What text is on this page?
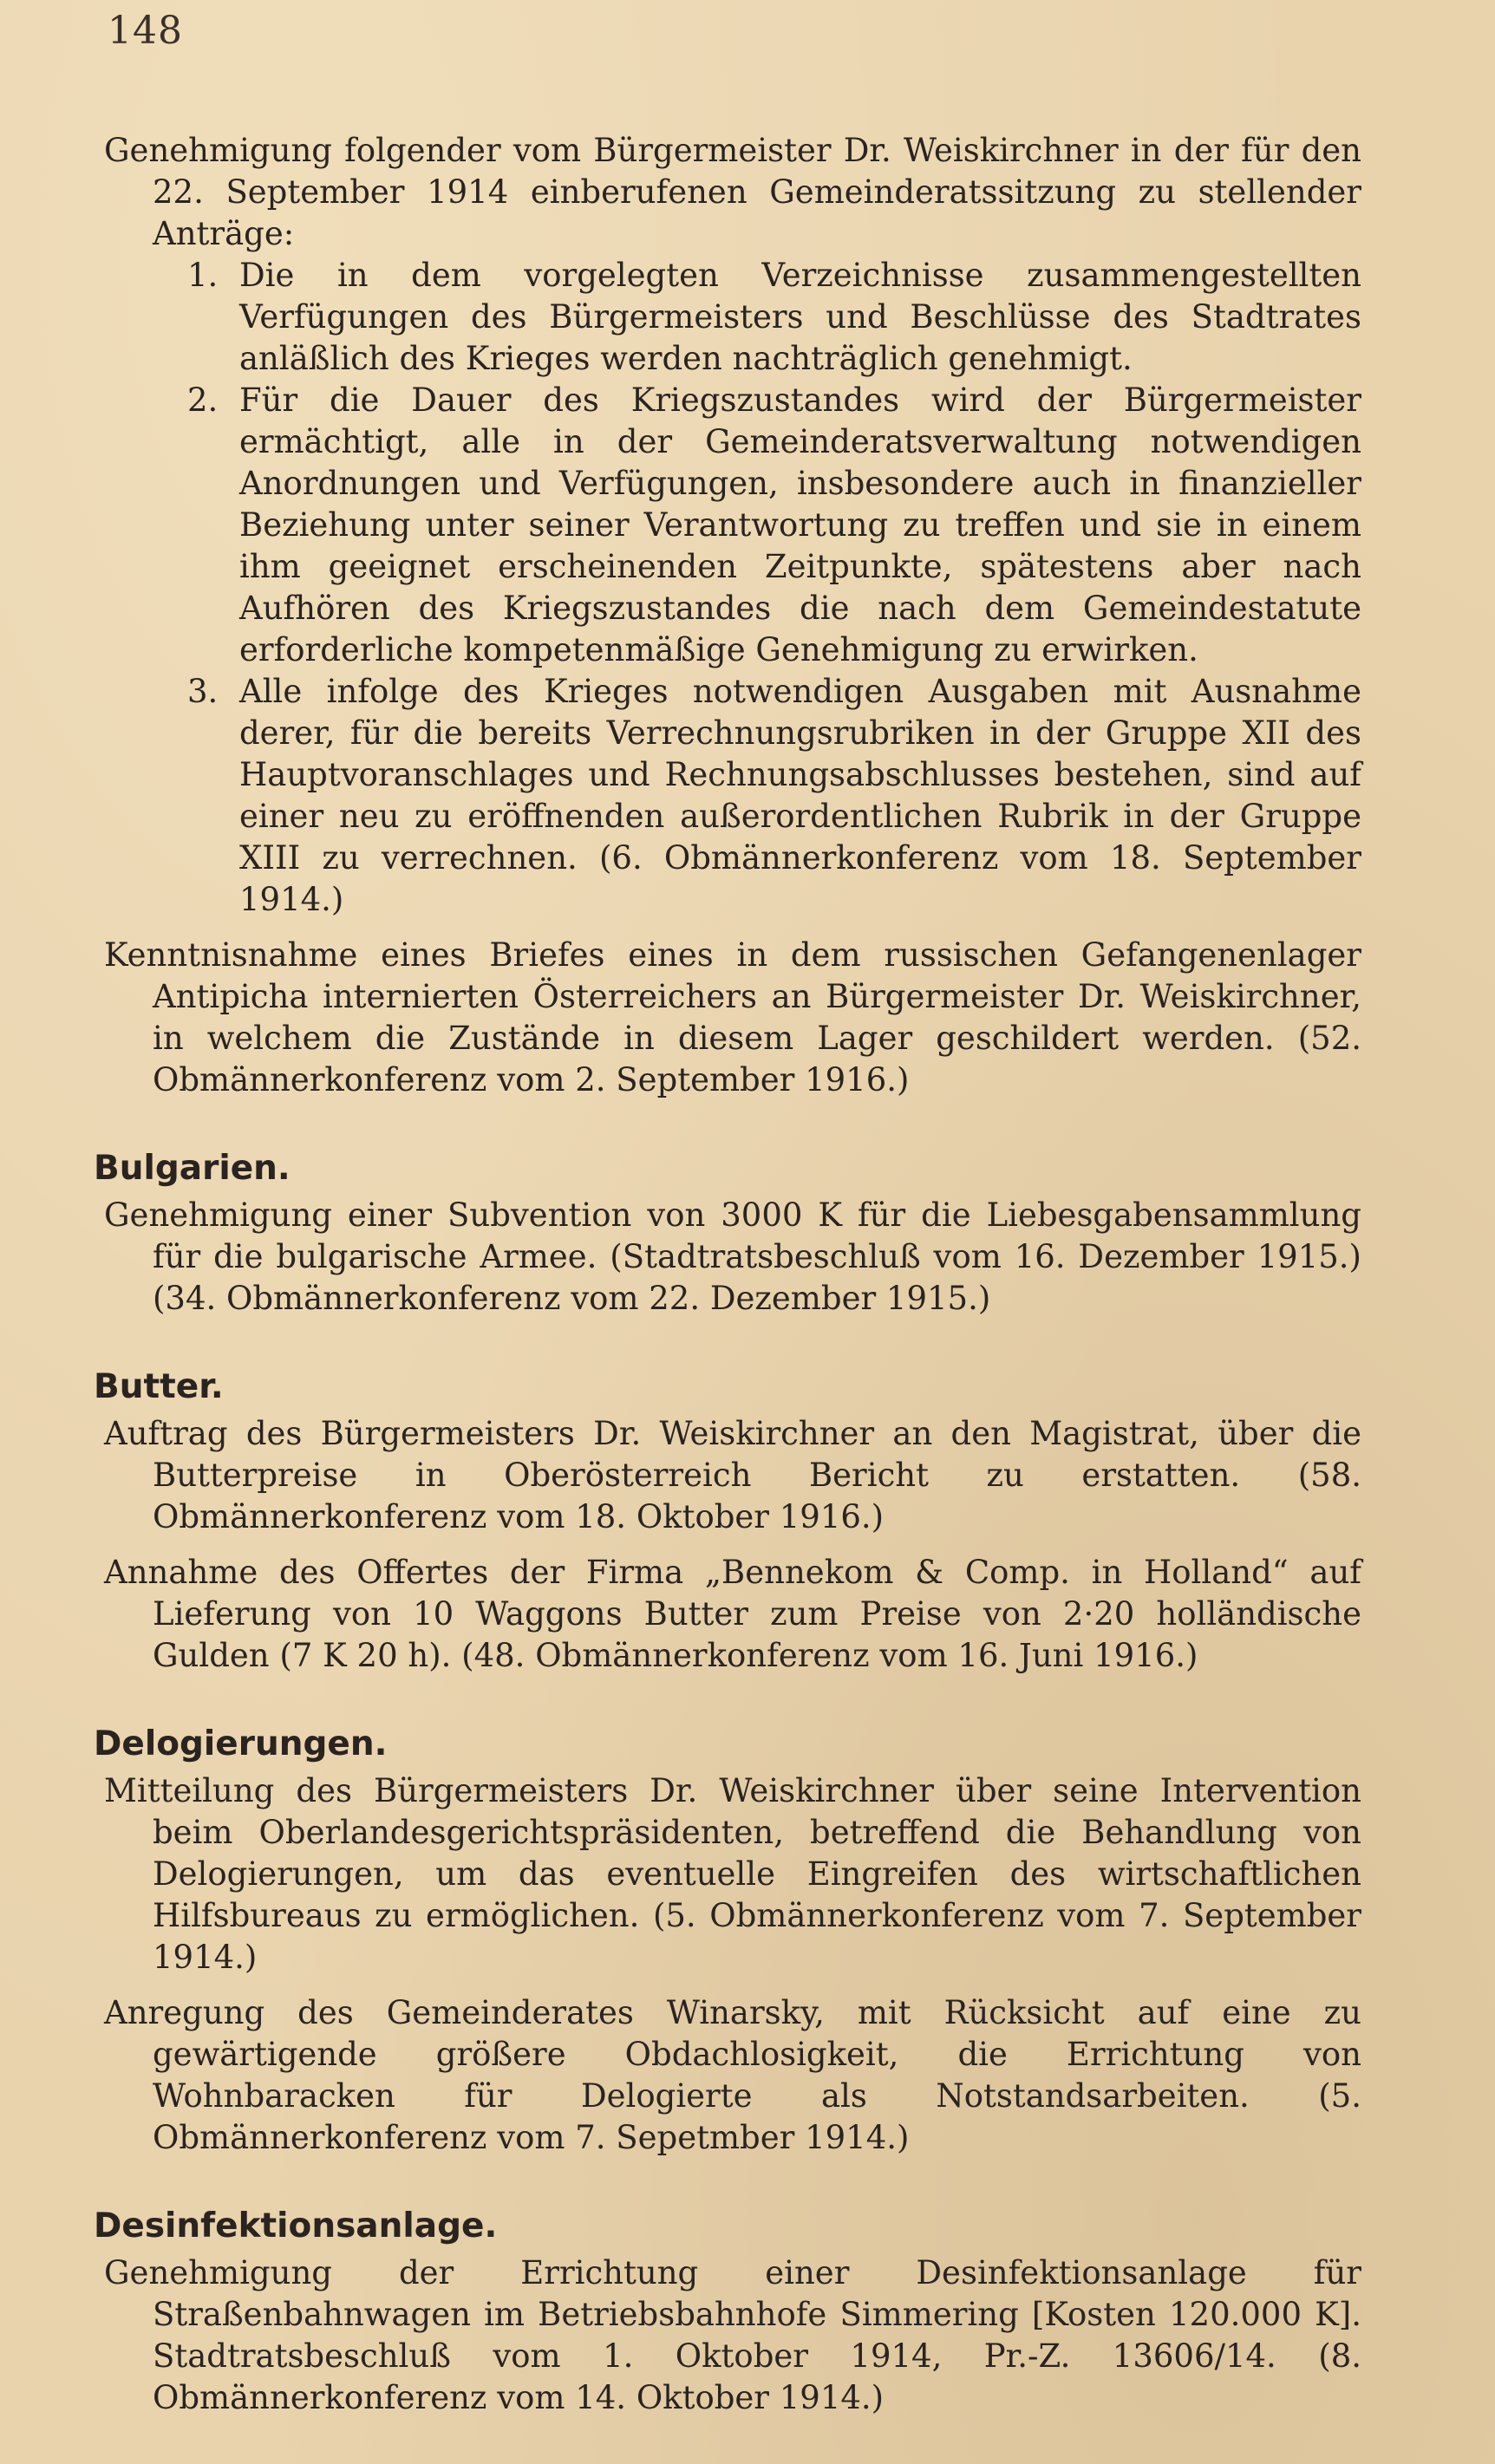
148

Genehmigung folgender vom Bürgermeister Dr. Weiskirchner in der für den 22. September 1914 einberufenen Gemeinderatssitzung zu stellender Anträge:

1. Die in dem vorgelegten Verzeichnisse zusammengestellten Verfügungen des Bürgermeisters und Beschlüsse des Stadtrates anläßlich des Krieges werden nachträglich genehmigt.

2. Für die Dauer des Kriegszustandes wird der Bürgermeister ermächtigt, alle in der Gemeinderatsverwaltung notwendigen Anordnungen und Verfügungen, insbesondere auch in finanzieller Beziehung unter seiner Verantwortung zu treffen und sie in einem ihm geeignet erscheinenden Zeitpunkte, spätestens aber nach Aufhören des Kriegszustandes die nach dem Gemeindestatute erforderliche kompetenmäßige Genehmigung zu erwirken.

3. Alle infolge des Krieges notwendigen Ausgaben mit Ausnahme derer, für die bereits Verrechnungsrubriken in der Gruppe XII des Hauptvoranschlages und Rechnungsabschlusses bestehen, sind auf einer neu zu eröffnenden außerordentlichen Rubrik in der Gruppe XIII zu verrechnen. (6. Obmännerkonferenz vom 18. September 1914.)

Kenntnisnahme eines Briefes eines in dem russischen Gefangenenlager Antipicha internierten Österreichers an Bürgermeister Dr. Weiskirchner, in welchem die Zustände in diesem Lager geschildert werden. (52. Obmännerkonferenz vom 2. September 1916.)

Bulgarien.

Genehmigung einer Subvention von 3000 K für die Liebesgabensammlung für die bulgarische Armee. (Stadtratsbeschluß vom 16. Dezember 1915.) (34. Obmännerkonferenz vom 22. Dezember 1915.)

Butter.

Auftrag des Bürgermeisters Dr. Weiskirchner an den Magistrat, über die Butterpreise in Oberösterreich Bericht zu erstatten. (58. Obmännerkonferenz vom 18. Oktober 1916.)

Annahme des Offertes der Firma „Bennekom & Comp. in Holland“ auf Lieferung von 10 Waggons Butter zum Preise von 2·20 holländische Gulden (7 K 20 h). (48. Obmännerkonferenz vom 16. Juni 1916.)

Delogierungen.

Mitteilung des Bürgermeisters Dr. Weiskirchner über seine Intervention beim Oberlandesgerichtspräsidenten, betreffend die Behandlung von Delogierungen, um das eventuelle Eingreifen des wirtschaftlichen Hilfsbureaus zu ermöglichen. (5. Obmännerkonferenz vom 7. September 1914.)

Anregung des Gemeinderates Winarsky, mit Rücksicht auf eine zu gewärtigende größere Obdachlosigkeit, die Errichtung von Wohnbaracken für Delogierte als Notstandsarbeiten. (5. Obmännerkonferenz vom 7. Sepetmber 1914.)

Desinfektionsanlage.

Genehmigung der Errichtung einer Desinfektionsanlage für Straßenbahnwagen im Betriebsbahnhofe Simmering [Kosten 120.000 K]. Stadtratsbeschluß vom 1. Oktober 1914, Pr.-Z. 13606/14. (8. Obmännerkonferenz vom 14. Oktober 1914.)
